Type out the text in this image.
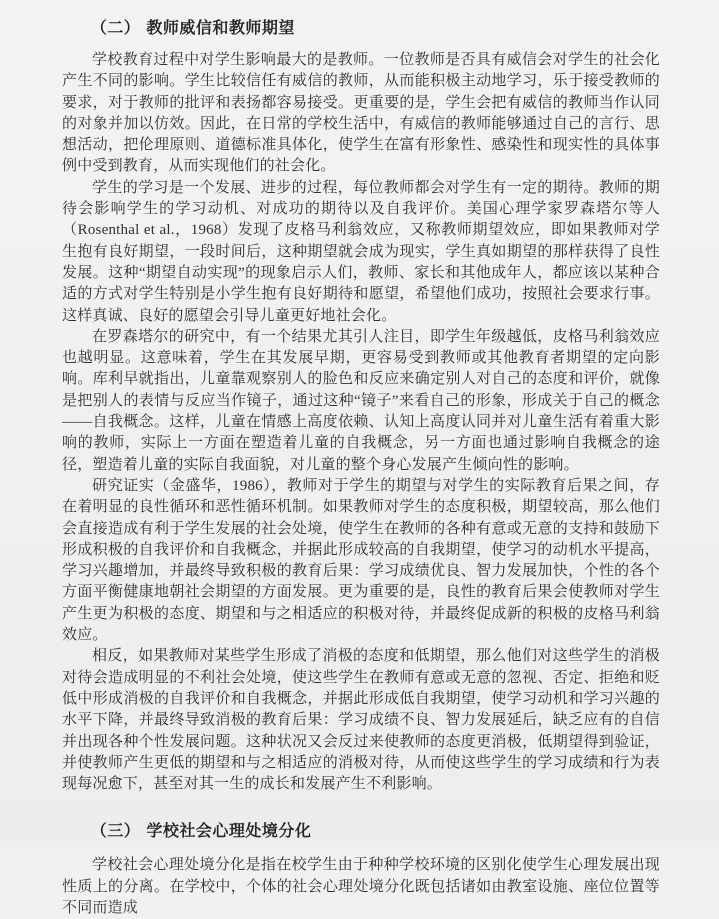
（二） 教师威信和教师期望

学校教育过程中对学生影响最大的是教师。一位教师是否具有威信会对学生的社会化产生不同的影响。学生比较信任有威信的教师，从而能积极主动地学习，乐于接受教师的要求，对于教师的批评和表扬都容易接受。更重要的是，学生会把有威信的教师当作认同的对象并加以仿效。因此，在日常的学校生活中，有威信的教师能够通过自己的言行、思想活动，把伦理原则、道德标准具体化，使学生在富有形象性、感染性和现实性的具体事例中受到教育，从而实现他们的社会化。

学生的学习是一个发展、进步的过程，每位教师都会对学生有一定的期待。教师的期待会影响学生的学习动机、对成功的期待以及自我评价。美国心理学家罗森塔尔等人（Rosenthal et al.，1968）发现了皮格马利翁效应，又称教师期望效应，即如果教师对学生抱有良好期望，一段时间后，这种期望就会成为现实，学生真如期望的那样获得了良性发展。这种“期望自动实现”的现象启示人们，教师、家长和其他成年人，都应该以某种合适的方式对学生特别是小学生抱有良好期待和愿望，希望他们成功，按照社会要求行事。这样真诚、良好的愿望会引导儿童更好地社会化。

在罗森塔尔的研究中，有一个结果尤其引人注目，即学生年级越低，皮格马利翁效应也越明显。这意味着，学生在其发展早期，更容易受到教师或其他教育者期望的定向影响。库利早就指出，儿童靠观察别人的脸色和反应来确定别人对自己的态度和评价，就像是把别人的表情与反应当作镜子，通过这种“镜子”来看自己的形象，形成关于自己的概念——自我概念。这样，儿童在情感上高度依赖、认知上高度认同并对儿童生活有着重大影响的教师，实际上一方面在塑造着儿童的自我概念，另一方面也通过影响自我概念的途径，塑造着儿童的实际自我面貌，对儿童的整个身心发展产生倾向性的影响。

研究证实（金盛华，1986），教师对于学生的期望与对学生的实际教育后果之间，存在着明显的良性循环和恶性循环机制。如果教师对学生的态度积极，期望较高，那么他们会直接造成有利于学生发展的社会处境，使学生在教师的各种有意或无意的支持和鼓励下形成积极的自我评价和自我概念，并据此形成较高的自我期望，使学习的动机水平提高，学习兴趣增加，并最终导致积极的教育后果：学习成绩优良、智力发展加快，个性的各个方面平衡健康地朝社会期望的方面发展。更为重要的是，良性的教育后果会使教师对学生产生更为积极的态度、期望和与之相适应的积极对待，并最终促成新的积极的皮格马利翁效应。

相反，如果教师对某些学生形成了消极的态度和低期望，那么他们对这些学生的消极对待会造成明显的不利社会处境，使这些学生在教师有意或无意的忽视、否定、拒绝和贬低中形成消极的自我评价和自我概念，并据此形成低自我期望，使学习动机和学习兴趣的水平下降，并最终导致消极的教育后果：学习成绩不良、智力发展延后，缺乏应有的自信并出现各种个性发展问题。这种状况又会反过来使教师的态度更消极，低期望得到验证，并使教师产生更低的期望和与之相适应的消极对待，从而使这些学生的学习成绩和行为表现每况愈下，甚至对其一生的成长和发展产生不利影响。

（三） 学校社会心理处境分化

学校社会心理处境分化是指在校学生由于种种学校环境的区别化使学生心理发展出现性质上的分离。在学校中，个体的社会心理处境分化既包括诸如由教室设施、座位位置等不同而造成
